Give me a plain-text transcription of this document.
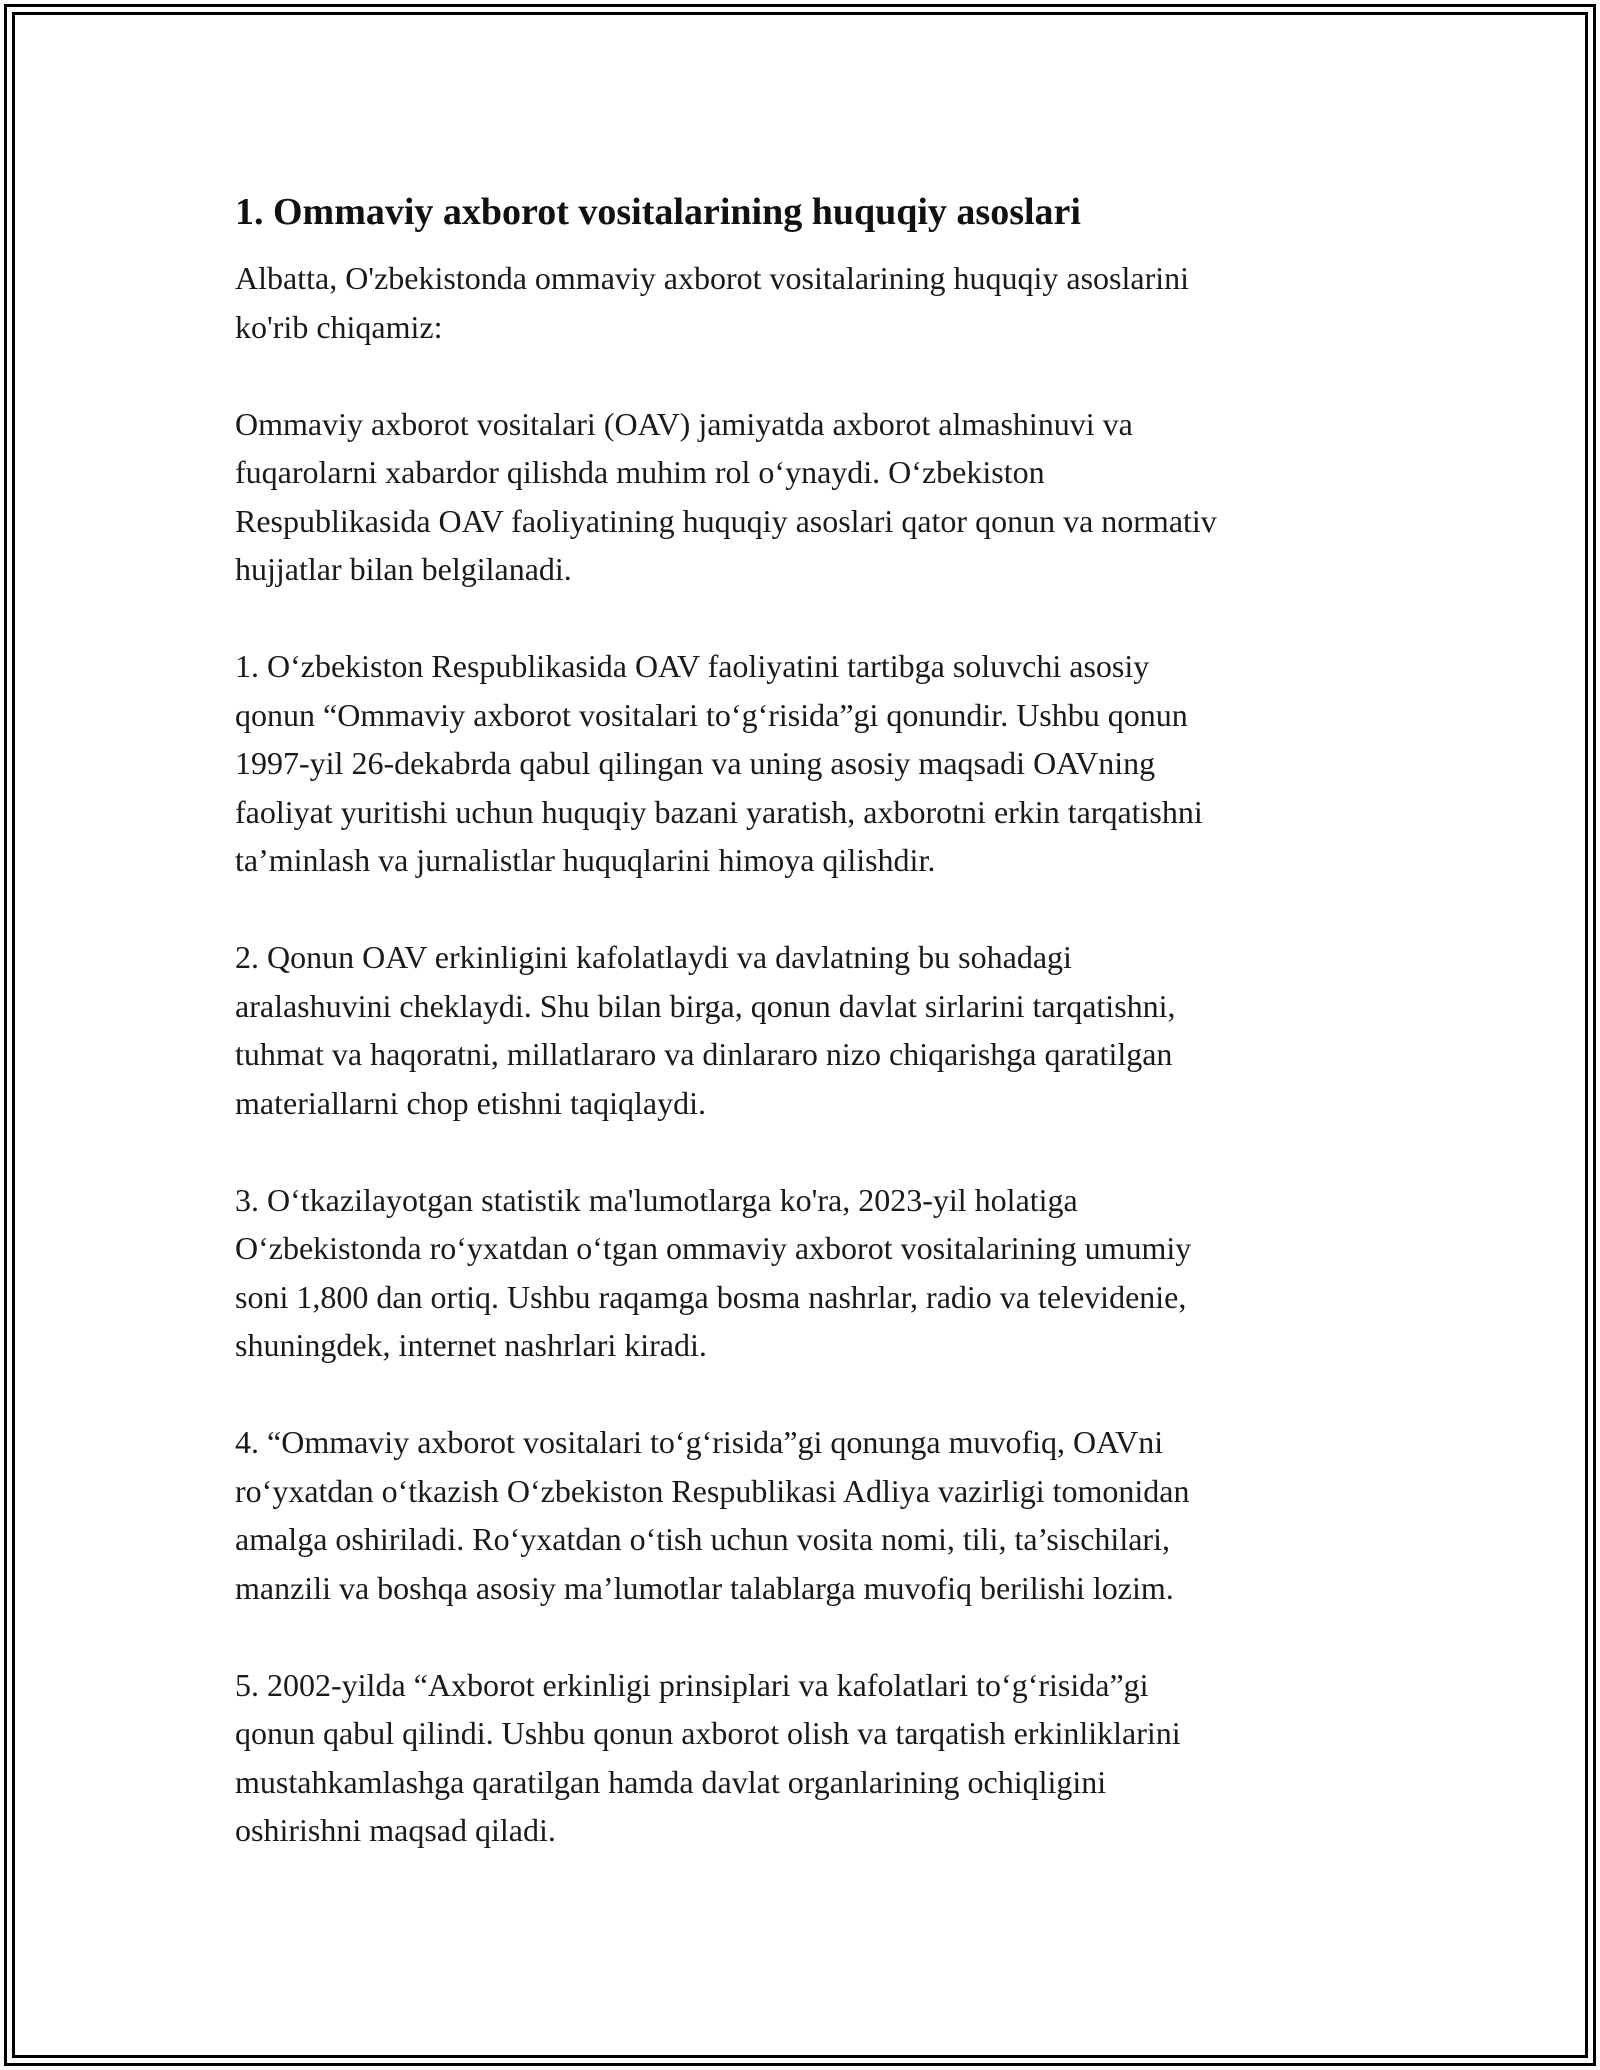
1. Ommaviy axborot vositalarining huquqiy asoslari

Albatta, O'zbekistonda ommaviy axborot vositalarining huquqiy asoslarini
ko'rib chiqamiz:

Ommaviy axborot vositalari (OAV) jamiyatda axborot almashinuvi va
fuqarolarni xabardor qilishda muhim rol o‘ynaydi. O‘zbekiston
Respublikasida OAV faoliyatining huquqiy asoslari qator qonun va normativ
hujjatlar bilan belgilanadi.

1. O‘zbekiston Respublikasida OAV faoliyatini tartibga soluvchi asosiy
qonun “Ommaviy axborot vositalari to‘g‘risida”gi qonundir. Ushbu qonun
1997-yil 26-dekabrda qabul qilingan va uning asosiy maqsadi OAVning
faoliyat yuritishi uchun huquqiy bazani yaratish, axborotni erkin tarqatishni
ta’minlash va jurnalistlar huquqlarini himoya qilishdir.

2. Qonun OAV erkinligini kafolatlaydi va davlatning bu sohadagi
aralashuvini cheklaydi. Shu bilan birga, qonun davlat sirlarini tarqatishni,
tuhmat va haqoratni, millatlararo va dinlararo nizo chiqarishga qaratilgan
materiallarni chop etishni taqiqlaydi.

3. O‘tkazilayotgan statistik ma'lumotlarga ko'ra, 2023-yil holatiga
O‘zbekistonda ro‘yxatdan o‘tgan ommaviy axborot vositalarining umumiy
soni 1,800 dan ortiq. Ushbu raqamga bosma nashrlar, radio va televidenie,
shuningdek, internet nashrlari kiradi.

4. “Ommaviy axborot vositalari to‘g‘risida”gi qonunga muvofiq, OAVni
ro‘yxatdan o‘tkazish O‘zbekiston Respublikasi Adliya vazirligi tomonidan
amalga oshiriladi. Ro‘yxatdan o‘tish uchun vosita nomi, tili, ta’sischilari,
manzili va boshqa asosiy ma’lumotlar talablarga muvofiq berilishi lozim.

5. 2002-yilda “Axborot erkinligi prinsiplari va kafolatlari to‘g‘risida”gi
qonun qabul qilindi. Ushbu qonun axborot olish va tarqatish erkinliklarini
mustahkamlashga qaratilgan hamda davlat organlarining ochiqligini
oshirishni maqsad qiladi.
